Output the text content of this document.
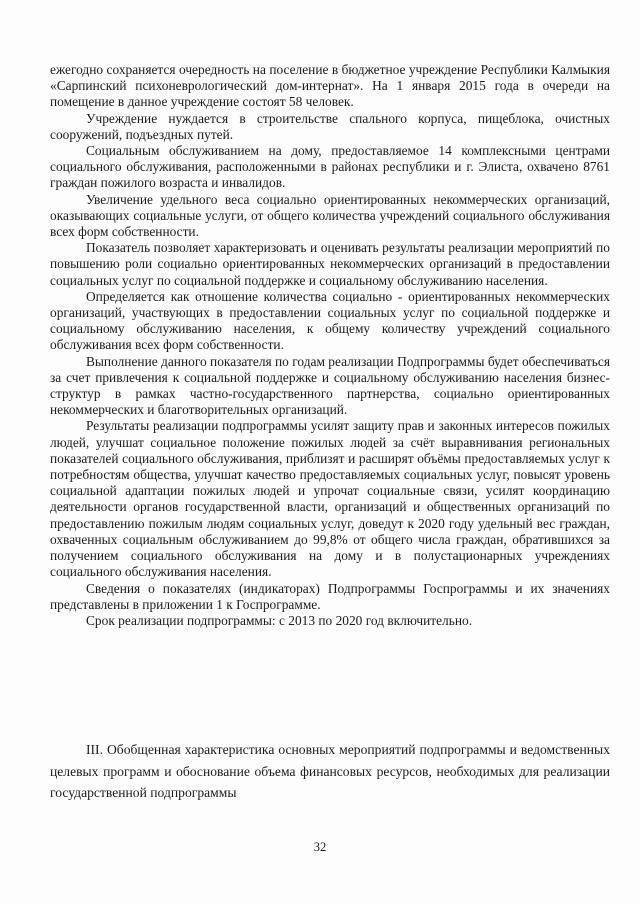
ежегодно сохраняется очередность на поселение в бюджетное учреждение Республики Калмыкия «Сарпинский психоневрологический дом-интернат». На 1 января 2015 года в очереди на помещение в данное учреждение состоят 58 человек.

Учреждение нуждается в строительстве спального корпуса, пищеблока, очистных сооружений, подъездных путей.

Социальным обслуживанием на дому, предоставляемое 14 комплексными центрами социального обслуживания, расположенными в районах республики и г. Элиста, охвачено 8761 граждан пожилого возраста и инвалидов.

Увеличение удельного веса социально ориентированных некоммерческих организаций, оказывающих социальные услуги, от общего количества учреждений социального обслуживания всех форм собственности.

Показатель позволяет характеризовать и оценивать результаты реализации мероприятий по повышению роли социально ориентированных некоммерческих организаций в предоставлении социальных услуг по социальной поддержке и социальному обслуживанию населения.

Определяется как отношение количества социально - ориентированных некоммерческих организаций, участвующих в предоставлении социальных услуг по социальной поддержке и социальному обслуживанию населения, к общему количеству учреждений социального обслуживания всех форм собственности.

Выполнение данного показателя по годам реализации Подпрограммы будет обеспечиваться за счет привлечения к социальной поддержке и социальному обслуживанию населения бизнес-структур в рамках частно-государственного партнерства, социально ориентированных некоммерческих и благотворительных организаций.

Результаты реализации подпрограммы усилят защиту прав и законных интересов пожилых людей, улучшат социальное положение пожилых людей за счёт выравнивания региональных показателей социального обслуживания, приблизят и расширят объёмы предоставляемых услуг к потребностям общества, улучшат качество предоставляемых социальных услуг, повысят уровень социальной адаптации пожилых людей и упрочат социальные связи, усилят координацию деятельности органов государственной власти, организаций и общественных организаций по предоставлению пожилым людям социальных услуг, доведут к 2020 году удельный вес граждан, охваченных социальным обслуживанием до 99,8% от общего числа граждан, обратившихся за получением социального обслуживания на дому и в полустационарных учреждениях социального обслуживания населения.

Сведения о показателях (индикаторах) Подпрограммы Госпрограммы и их значениях представлены в приложении 1 к Госпрограмме.

Срок реализации подпрограммы: с 2013 по 2020 год включительно.

III. Обобщенная характеристика основных мероприятий подпрограммы и ведомственных целевых программ и обоснование объема финансовых ресурсов, необходимых для реализации государственной подпрограммы

32
